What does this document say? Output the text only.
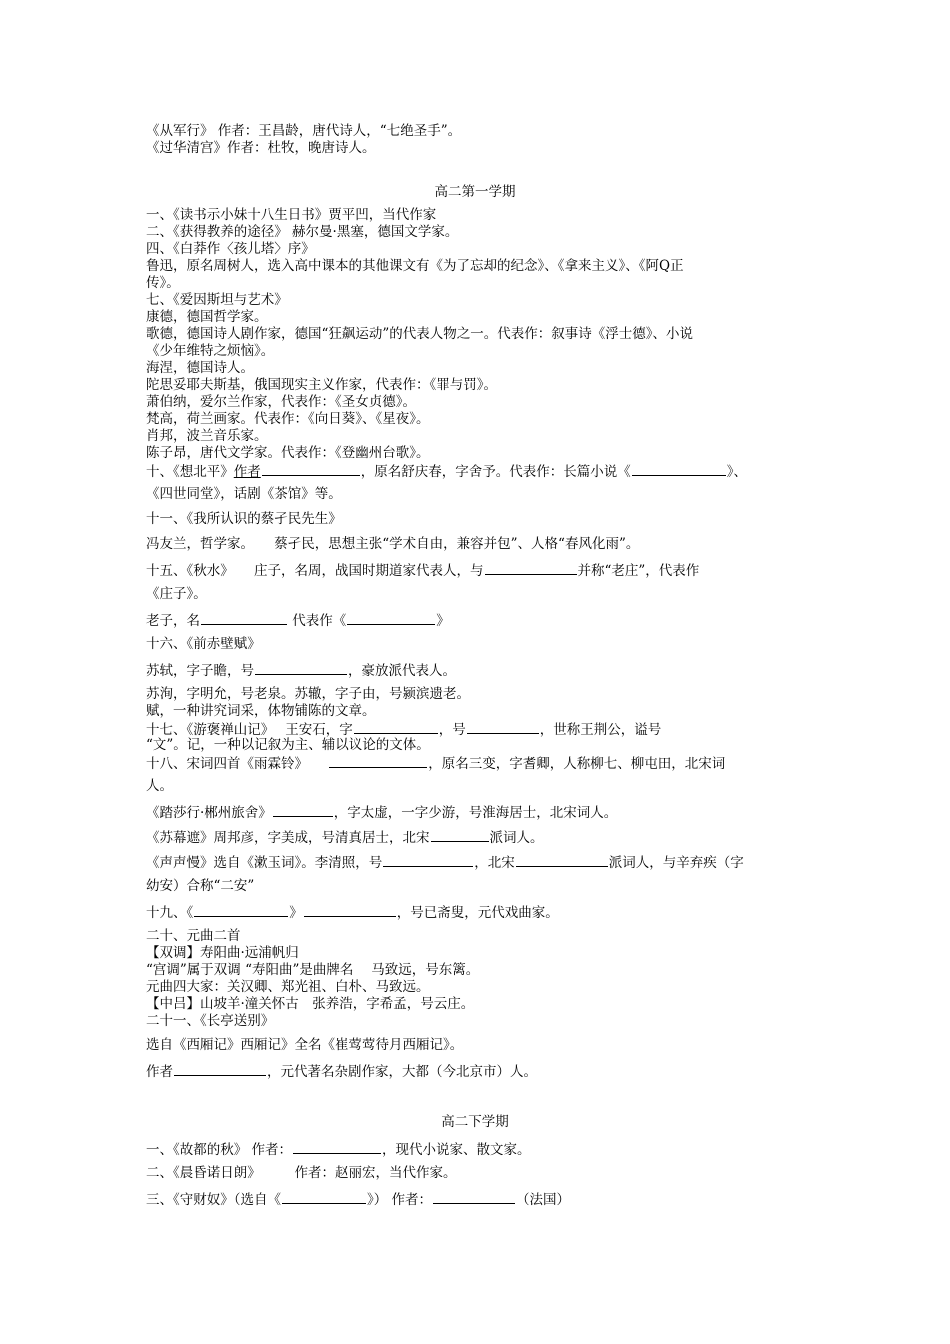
《从军行》 作者：王昌龄，唐代诗人，“七绝圣手”。
《过华清宫》作者：杜牧，晚唐诗人。
高二第一学期
一、《读书示小妹十八生日书》贾平凹，当代作家
二、《获得教养的途径》 赫尔曼·黑塞，德国文学家。
四、《白莽作〈孩儿塔〉序》
鲁迅，原名周树人，选入高中课本的其他课文有《为了忘却的纪念》、《拿来主义》、《阿Q正
传》。
七、《爱因斯坦与艺术》
康德，德国哲学家。
歌德，德国诗人剧作家，德国“狂飙运动”的代表人物之一。代表作：叙事诗《浮士德》、小说
《少年维特之烦恼》。
海涅，德国诗人。
陀思妥耶夫斯基，俄国现实主义作家，代表作：《罪与罚》。
萧伯纳，爱尔兰作家，代表作：《圣女贞德》。
梵高，荷兰画家。代表作：《向日葵》、《星夜》。
肖邦，波兰音乐家。
陈子昂，唐代文学家。代表作：《登幽州台歌》。
十、《想北平》作者	，原名舒庆春，字舍予。代表作：长篇小说《	》、
《四世同堂》，话剧《茶馆》等。
十一、《我所认识的蔡孑民先生》
冯友兰，哲学家。　　蔡孑民，思想主张“学术自由，兼容并包”、人格“春风化雨”。
十五、《秋水》　　庄子，名周，战国时期道家代表人，与	并称“老庄”，代表作
《庄子》。
老子，名	代表作《	》
十六、《前赤壁赋》
苏轼，字子瞻，号	，豪放派代表人。
苏洵，字明允，号老泉。苏辙，字子由，号颍滨遗老。
赋，一种讲究词采，体物铺陈的文章。
十七、《游褒禅山记》　 王安石，字	，号	，世称王荆公，谥号
“文”。记，一种以记叙为主、辅以议论的文体。
十八、宋词四首《雨霖铃》　　	，原名三变，字耆卿，人称柳七、柳屯田，北宋词
人。
《踏莎行·郴州旅舍》	，字太虚，一字少游，号淮海居士，北宋词人。
《苏幕遮》周邦彦，字美成，号清真居士，北宋	派词人。
《声声慢》选自《漱玉词》。李清照，号	，北宋	派词人，与辛弃疾（字
幼安）合称“二安”
十九、《	》	，号已斋叟，元代戏曲家。
二十、元曲二首
【双调】寿阳曲·远浦帆归
“宫调”属于双调 “寿阳曲”是曲牌名　 马致远，号东篱。
元曲四大家：关汉卿、郑光祖、白朴、马致远。
【中吕】山坡羊·潼关怀古　张养浩，字希孟，号云庄。
二十一、《长亭送别》
选自《西厢记》西厢记》全名《崔莺莺待月西厢记》。
作者	，元代著名杂剧作家，大都（今北京市）人。
高二下学期
一、《故都的秋》 作者：	，现代小说家、散文家。
二、《晨昏诺日朗》　　　作者：赵丽宏，当代作家。
三、《守财奴》（选自《	》） 作者：	（法国）
